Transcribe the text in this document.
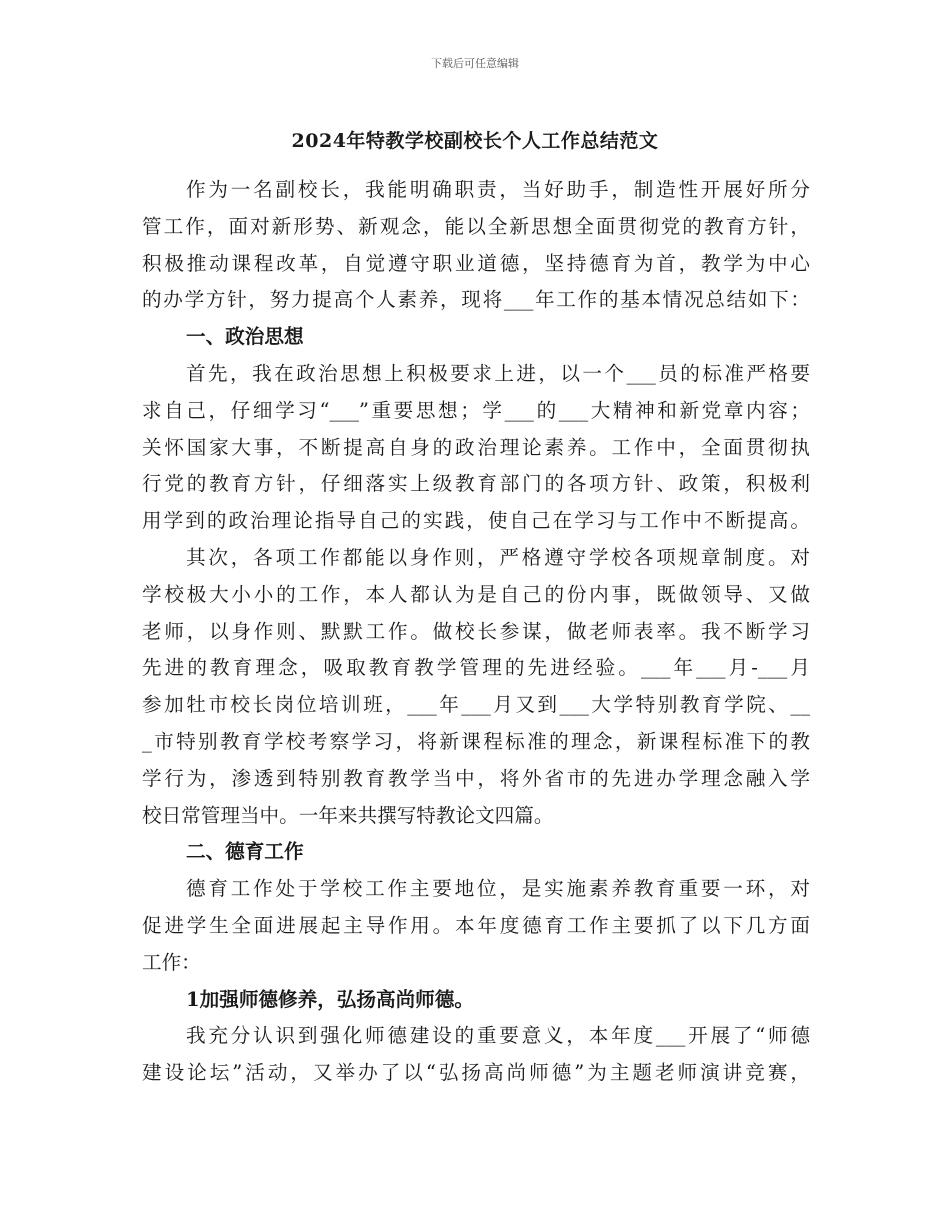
下载后可任意编辑
2024年特教学校副校长个人工作总结范文
作为一名副校长，我能明确职责，当好助手，制造性开展好所分
管工作，面对新形势、新观念，能以全新思想全面贯彻党的教育方针，
积极推动课程改革，自觉遵守职业道德，坚持德育为首，教学为中心
的办学方针，努力提高个人素养，现将___年工作的基本情况总结如下：
一、政治思想
首先，我在政治思想上积极要求上进，以一个___员的标准严格要
求自己，仔细学习“___”重要思想；学___的___大精神和新党章内容；
关怀国家大事，不断提高自身的政治理论素养。工作中，全面贯彻执
行党的教育方针，仔细落实上级教育部门的各项方针、政策，积极利
用学到的政治理论指导自己的实践，使自己在学习与工作中不断提高。
其次，各项工作都能以身作则，严格遵守学校各项规章制度。对
学校极大小小的工作，本人都认为是自己的份内事，既做领导、又做
老师，以身作则、默默工作。做校长参谋，做老师表率。我不断学习
先进的教育理念，吸取教育教学管理的先进经验。___年___月-___月
参加牡市校长岗位培训班，___年___月又到___大学特别教育学院、__
_市特别教育学校考察学习，将新课程标准的理念，新课程标准下的教
学行为，渗透到特别教育教学当中，将外省市的先进办学理念融入学
校日常管理当中。一年来共撰写特教论文四篇。
二、德育工作
德育工作处于学校工作主要地位，是实施素养教育重要一环，对
促进学生全面进展起主导作用。本年度德育工作主要抓了以下几方面
工作：
1加强师德修养，弘扬高尚师德。
我充分认识到强化师德建设的重要意义，本年度___开展了“师德
建设论坛”活动，又举办了以“弘扬高尚师德”为主题老师演讲竞赛，
